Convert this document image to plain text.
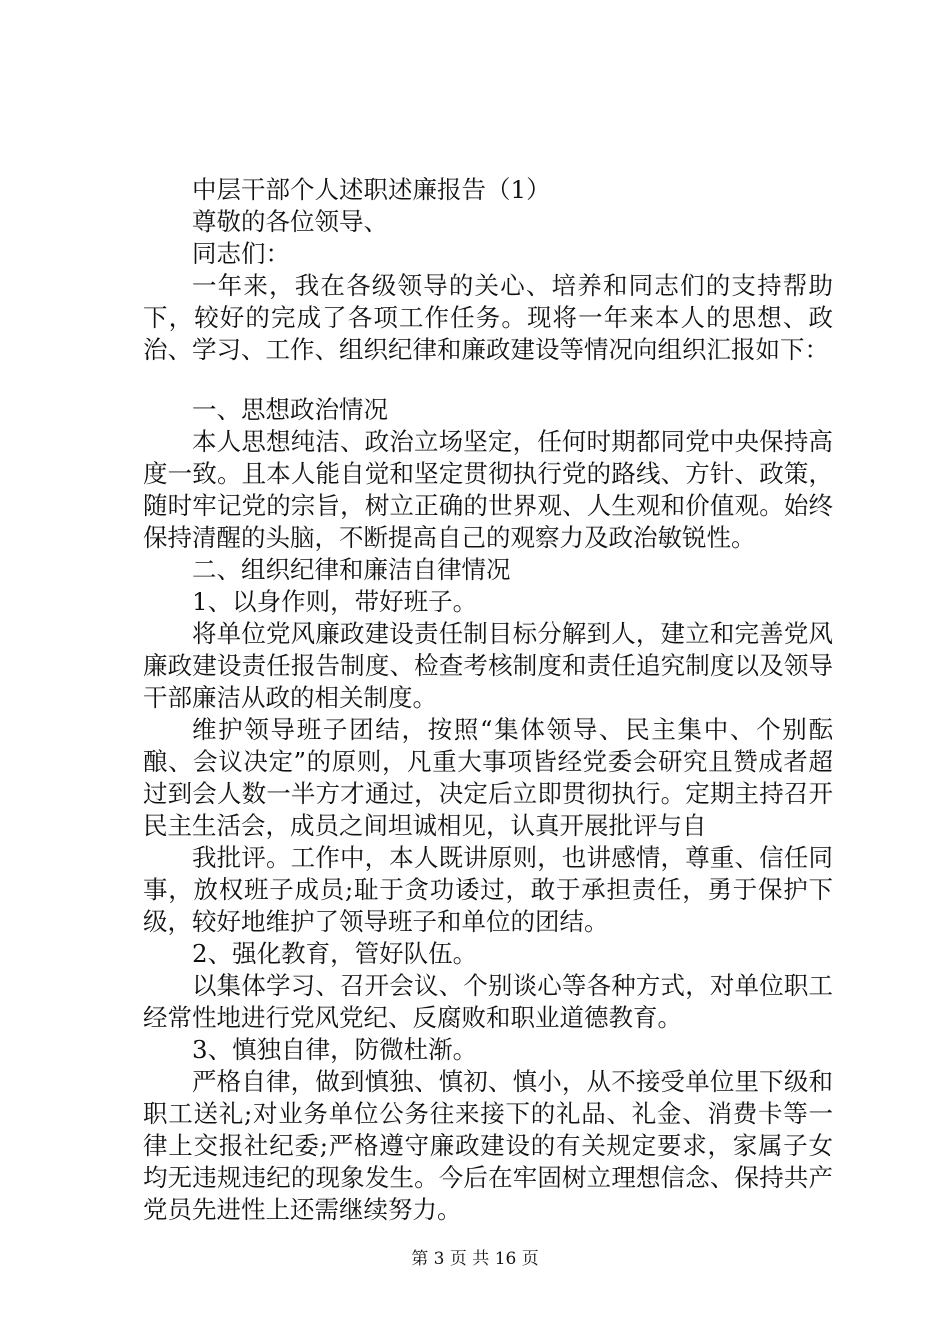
中层干部个人述职述廉报告（1）

尊敬的各位领导、

同志们：

一年来，我在各级领导的关心、培养和同志们的支持帮助下，较好的完成了各项工作任务。现将一年来本人的思想、政治、学习、工作、组织纪律和廉政建设等情况向组织汇报如下：

一、思想政治情况

本人思想纯洁、政治立场坚定，任何时期都同党中央保持高度一致。且本人能自觉和坚定贯彻执行党的路线、方针、政策，随时牢记党的宗旨，树立正确的世界观、人生观和价值观。始终保持清醒的头脑，不断提高自己的观察力及政治敏锐性。

二、组织纪律和廉洁自律情况

1、以身作则，带好班子。

将单位党风廉政建设责任制目标分解到人，建立和完善党风廉政建设责任报告制度、检查考核制度和责任追究制度以及领导干部廉洁从政的相关制度。

维护领导班子团结，按照“集体领导、民主集中、个别酝酿、会议决定”的原则，凡重大事项皆经党委会研究且赞成者超过到会人数一半方才通过，决定后立即贯彻执行。定期主持召开民主生活会，成员之间坦诚相见，认真开展批评与自

我批评。工作中，本人既讲原则，也讲感情，尊重、信任同事，放权班子成员;耻于贪功诿过，敢于承担责任，勇于保护下级，较好地维护了领导班子和单位的团结。

2、强化教育，管好队伍。

以集体学习、召开会议、个别谈心等各种方式，对单位职工经常性地进行党风党纪、反腐败和职业道德教育。

3、慎独自律，防微杜渐。

严格自律，做到慎独、慎初、慎小，从不接受单位里下级和职工送礼;对业务单位公务往来接下的礼品、礼金、消费卡等一律上交报社纪委;严格遵守廉政建设的有关规定要求，家属子女均无违规违纪的现象发生。今后在牢固树立理想信念、保持共产党员先进性上还需继续努力。

第 3 页 共 16 页
